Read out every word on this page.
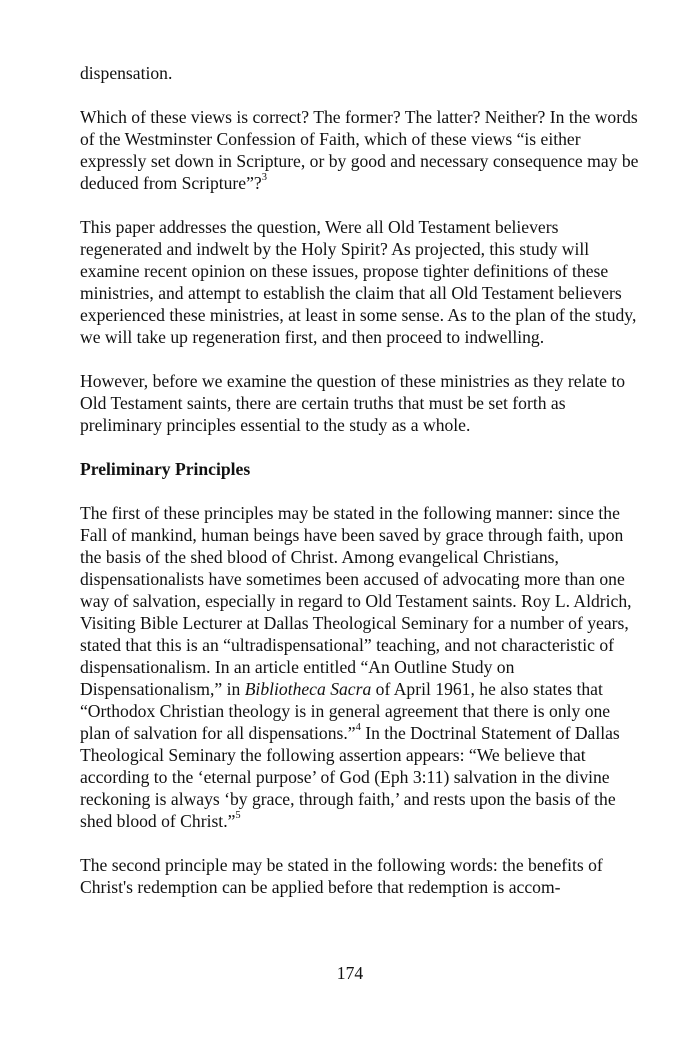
dispensation.

Which of these views is correct? The former? The latter? Neither? In the words of the Westminster Confession of Faith, which of these views “is either expressly set down in Scripture, or by good and necessary consequence may be deduced from Scripture”?$^3$

This paper addresses the question, Were all Old Testament believers regenerated and indwelt by the Holy Spirit? As projected, this study will examine recent opinion on these issues, propose tighter definitions of these ministries, and attempt to establish the claim that all Old Testament believers experienced these ministries, at least in some sense. As to the plan of the study, we will take up regeneration first, and then proceed to indwelling.

However, before we examine the question of these ministries as they relate to Old Testament saints, there are certain truths that must be set forth as preliminary principles essential to the study as a whole.

Preliminary Principles

The first of these principles may be stated in the following manner: since the Fall of mankind, human beings have been saved by grace through faith, upon the basis of the shed blood of Christ. Among evangelical Christians, dispensationalists have sometimes been accused of advocating more than one way of salvation, especially in regard to Old Testament saints. Roy L. Aldrich, Visiting Bible Lecturer at Dallas Theological Seminary for a number of years, stated that this is an “ultradispensational” teaching, and not characteristic of dispensationalism. In an article entitled “An Outline Study on Dispensationalism,” in Bibliotheca Sacra of April 1961, he also states that “Orthodox Christian theology is in general agreement that there is only one plan of salvation for all dispensations.”$^4$ In the Doctrinal Statement of Dallas Theological Seminary the following assertion appears: “We believe that according to the ‘eternal purpose’ of God (Eph 3:11) salvation in the divine reckoning is always ‘by grace, through faith,’ and rests upon the basis of the shed blood of Christ.”$^5$

The second principle may be stated in the following words: the benefits of Christ's redemption can be applied before that redemption is accom-

174
